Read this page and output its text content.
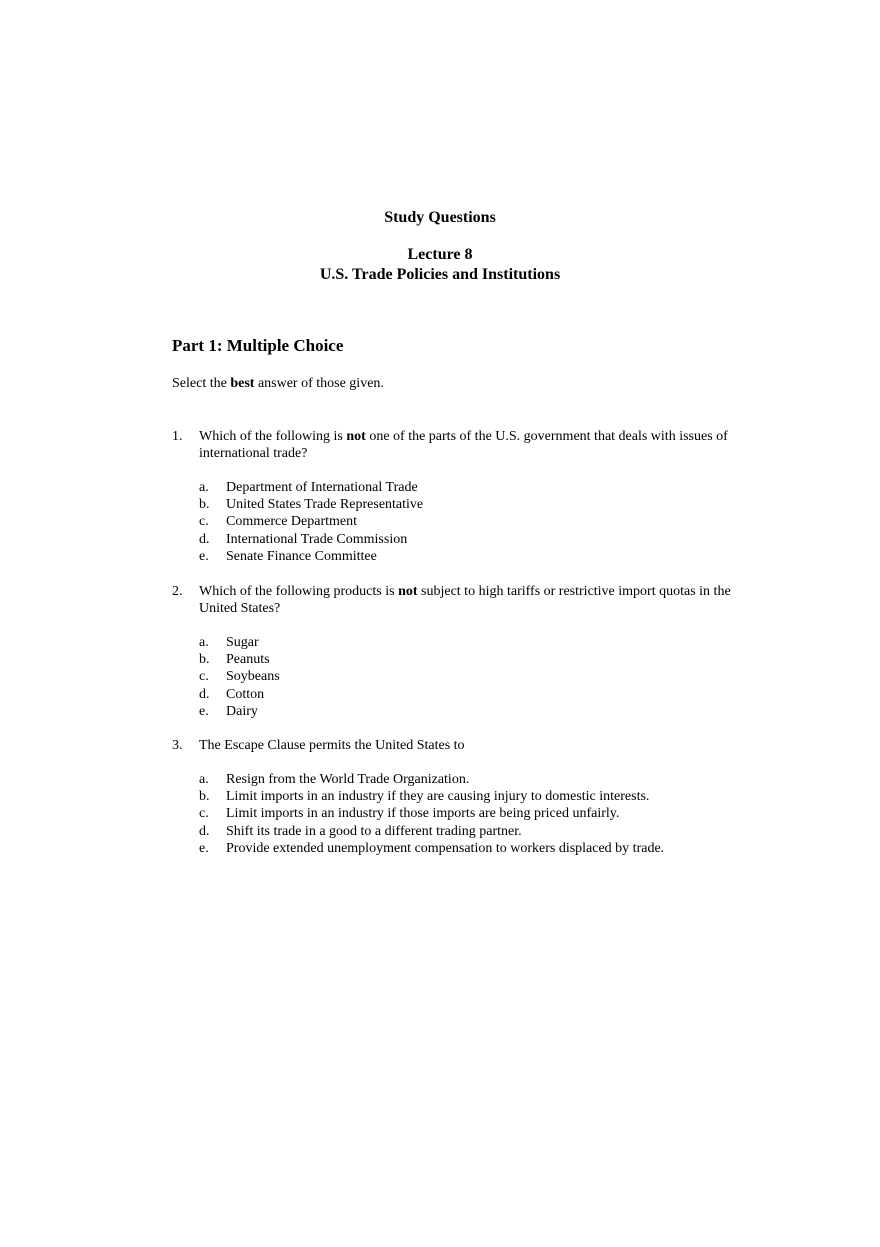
Study Questions
Lecture 8
U.S. Trade Policies and Institutions
Part 1: Multiple Choice
Select the best answer of those given.
1. Which of the following is not one of the parts of the U.S. government that deals with issues of international trade?
a. Department of International Trade
b. United States Trade Representative
c. Commerce Department
d. International Trade Commission
e. Senate Finance Committee
2. Which of the following products is not subject to high tariffs or restrictive import quotas in the United States?
a. Sugar
b. Peanuts
c. Soybeans
d. Cotton
e. Dairy
3. The Escape Clause permits the United States to
a. Resign from the World Trade Organization.
b. Limit imports in an industry if they are causing injury to domestic interests.
c. Limit imports in an industry if those imports are being priced unfairly.
d. Shift its trade in a good to a different trading partner.
e. Provide extended unemployment compensation to workers displaced by trade.
